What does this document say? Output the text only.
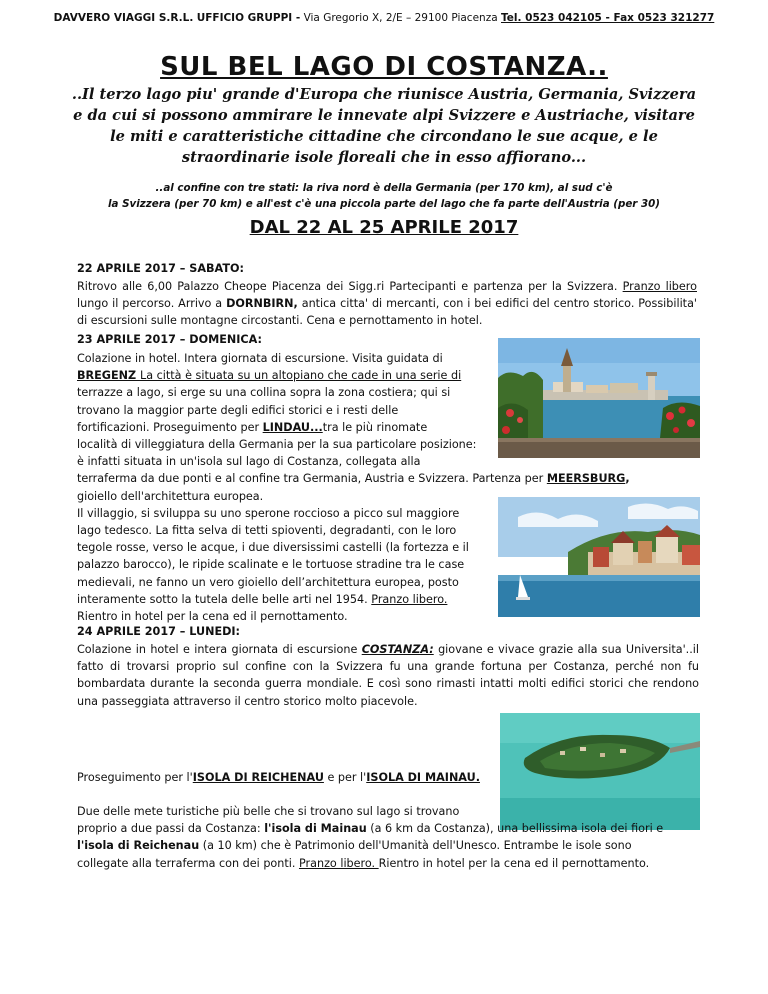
DAVVERO VIAGGI S.R.L. UFFICIO GRUPPI - Via Gregorio X, 2/E – 29100 Piacenza Tel. 0523 042105 - Fax 0523 321277
SUL BEL LAGO DI COSTANZA..
..Il terzo lago piu' grande d'Europa che riunisce Austria, Germania, Svizzera e da cui si possono ammirare le innevate alpi Svizzere e Austriache, visitare le miti e caratteristiche cittadine che circondano le sue acque, e le straordinarie isole floreali che in esso affiorano...
..al confine con tre stati: la riva nord è della Germania (per 170 km), al sud c'è
la Svizzera (per 70 km) e all'est c'è una piccola parte del lago che fa parte dell'Austria (per 30)
DAL 22 AL 25 APRILE 2017
22 APRILE 2017 – SABATO:
Ritrovo alle 6,00 Palazzo Cheope Piacenza dei Sigg.ri Partecipanti e partenza per la Svizzera. Pranzo libero lungo il percorso. Arrivo a DORNBIRN, antica citta' di mercanti, con i bei edifici del centro storico. Possibilita' di escursioni sulle montagne circostanti. Cena e pernottamento in hotel.
23 APRILE 2017 – DOMENICA:
Colazione in hotel. Intera giornata di escursione. Visita guidata di
BREGENZ La città è situata su un altopiano che cade in una serie di
terrazze a lago, si erge su una collina sopra la zona costiera; qui si
trovano la maggior parte degli edifici storici e i resti delle
fortificazioni. Proseguimento per LINDAU...tra le più rinomate
località di villeggiatura della Germania per la sua particolare posizione:
è infatti situata in un'isola sul lago di Costanza, collegata alla
terraferma da due ponti e al confine tra Germania, Austria e Svizzera. Partenza per MEERSBURG,
gioiello dell'architettura europea.
Il villaggio, si sviluppa su uno sperone roccioso a picco sul maggiore
lago tedesco. La fitta selva di tetti spioventi, degradanti, con le loro
tegole rosse, verso le acque, i due diversissimi castelli (la fortezza e il
palazzo barocco), le ripide scalinate e le tortuose stradine tra le case
medievali, ne fanno un vero gioiello dell’architettura europea, posto
interamente sotto la tutela delle belle arti nel 1954. Pranzo libero.
Rientro in hotel per la cena ed il pernottamento.
24 APRILE 2017 – LUNEDI:
Colazione in hotel e intera giornata di escursione COSTANZA: giovane e vivace grazie alla sua Universita'..il fatto di trovarsi proprio sul confine con la Svizzera fu una grande fortuna per Costanza, perché non fu bombardata durante la seconda guerra mondiale. E così sono rimasti intatti molti edifici storici che rendono una passeggiata attraverso il centro storico molto piacevole.
Proseguimento per l'ISOLA DI REICHENAU e per l'ISOLA DI MAINAU.
Due delle mete turistiche più belle che si trovano sul lago si trovano
proprio a due passi da Costanza: l'isola di Mainau (a 6 km da Costanza), una bellissima isola dei fiori e
l'isola di Reichenau (a 10 km) che è Patrimonio dell'Umanità dell'Unesco. Entrambe le isole sono
collegate alla terraferma con dei ponti. Pranzo libero. Rientro in hotel per la cena ed il pernottamento.
